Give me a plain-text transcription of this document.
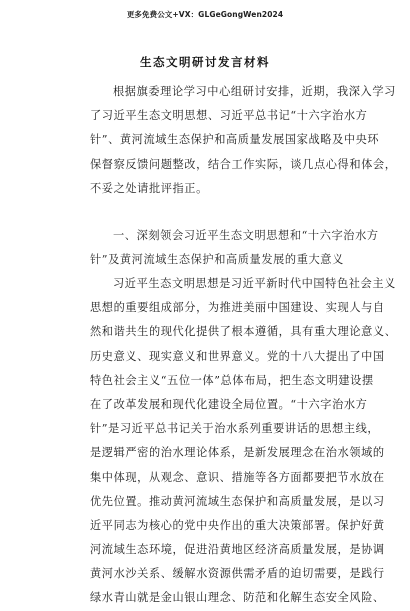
更多免费公文+VX：GLGeGongWen2024
生态文明研讨发言材料
根据旗委理论学习中心组研讨安排，近期，我深入学习
了习近平生态文明思想、习近平总书记“十六字治水方
针”、黄河流域生态保护和高质量发展国家战略及中央环
保督察反馈问题整改，结合工作实际，谈几点心得和体会，
不妥之处请批评指正。
一、深刻领会习近平生态文明思想和“十六字治水方
针”及黄河流域生态保护和高质量发展的重大意义
习近平生态文明思想是习近平新时代中国特色社会主义
思想的重要组成部分，为推进美丽中国建设、实现人与自
然和谐共生的现代化提供了根本遵循，具有重大理论意义、
历史意义、现实意义和世界意义。党的十八大提出了中国
特色社会主义“五位一体”总体布局，把生态文明建设摆
在了改革发展和现代化建设全局位置。“十六字治水方
针”是习近平总书记关于治水系列重要讲话的思想主线，
是逻辑严密的治水理论体系，是新发展理念在治水领域的
集中体现，从观念、意识、措施等各方面都要把节水放在
优先位置。推动黄河流域生态保护和高质量发展，是以习
近平同志为核心的党中央作出的重大决策部署。保护好黄
河流域生态环境，促进沿黄地区经济高质量发展，是协调
黄河水沙关系、缓解水资源供需矛盾的迫切需要，是践行
绿水青山就是金山银山理念、防范和化解生态安全风险、
